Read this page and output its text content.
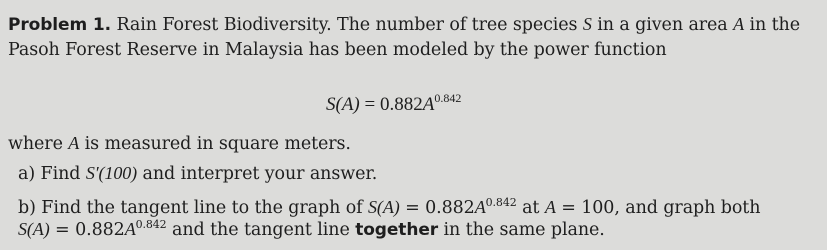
Problem 1. Rain Forest Biodiversity. The number of tree species S in a given area A in the
Pasoh Forest Reserve in Malaysia has been modeled by the power function
$S(A) = 0.882A^{0.842}$
where A is measured in square meters.
a) Find S′(100) and interpret your answer.
b) Find the tangent line to the graph of $S(A) = 0.882A^{0.842}$ at A = 100, and graph both
$S(A) = 0.882A^{0.842}$ and the tangent line together in the same plane.
